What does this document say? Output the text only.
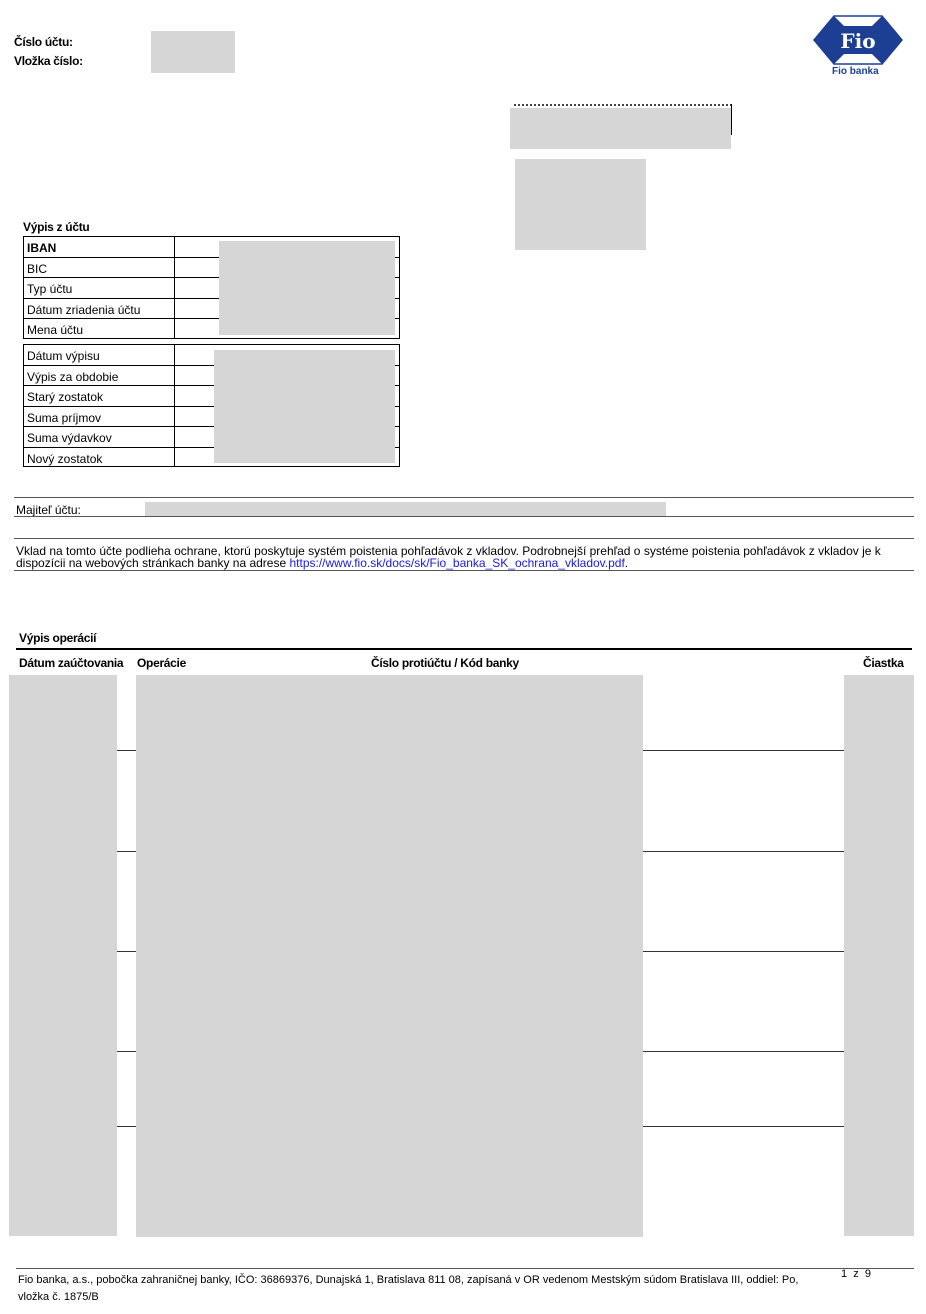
Číslo účtu:
Vložka číslo:
Fio
Fio banka
Výpis z účtu
IBAN
BIC
Typ účtu
Dátum zriadenia účtu
Mena účtu
Dátum výpisu
Výpis za obdobie
Starý zostatok
Suma príjmov
Suma výdavkov
Nový zostatok
Majiteľ účtu:
Vklad na tomto účte podlieha ochrane, ktorú poskytuje systém poistenia pohľadávok z vkladov. Podrobnejší prehľad o systéme poistenia pohľadávok z vkladov je k dispozícii na webových stránkach banky na adrese https://www.fio.sk/docs/sk/Fio_banka_SK_ochrana_vkladov.pdf.
Výpis operácií
Dátum zaúčtovania Operácie	Číslo protiúčtu / Kód banky	Čiastka
Fio banka, a.s., pobočka zahraničnej banky, IČO: 36869376, Dunajská 1, Bratislava 811 08, zapísaná v OR vedenom Mestským súdom Bratislava III, oddiel: Po, vložka č. 1875/B
1  z  9
